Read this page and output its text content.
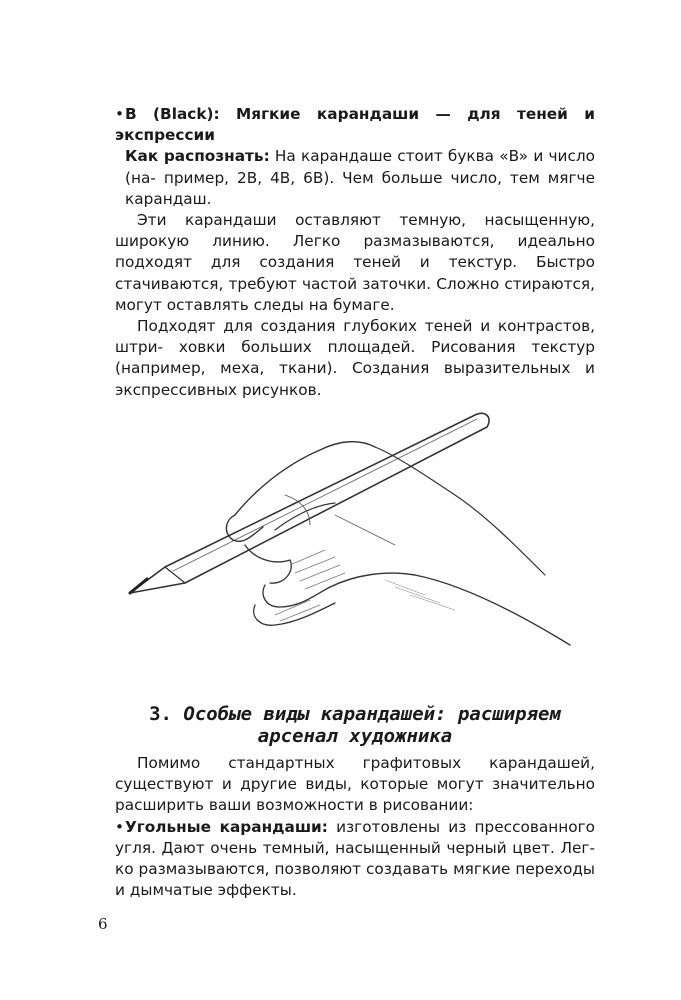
•B (Black): Мягкие карандаши — для теней и экспрессии

Как распознать: На карандаше стоит буква «B» и число (на- пример, 2B, 4B, 6B). Чем больше число, тем мягче карандаш.

Эти карандаши оставляют темную, насыщенную, широкую линию. Легко размазываются, идеально подходят для создания теней и текстур. Быстро стачиваются, требуют частой заточки. Сложно стираются, могут оставлять следы на бумаге.

Подходят для создания глубоких теней и контрастов, штри- ховки больших площадей. Рисования текстур (например, меха, ткани). Создания выразительных и экспрессивных рисунков.

3. Особые виды карандашей: расширяем
арсенал художника

Помимо стандартных графитовых карандашей, существуют и другие виды, которые могут значительно расширить ваши возможности в рисовании:

•Угольные карандаши: изготовлены из прессованного угля. Дают очень темный, насыщенный черный цвет. Лег- ко размазываются, позволяют создавать мягкие переходы и дымчатые эффекты.

6
